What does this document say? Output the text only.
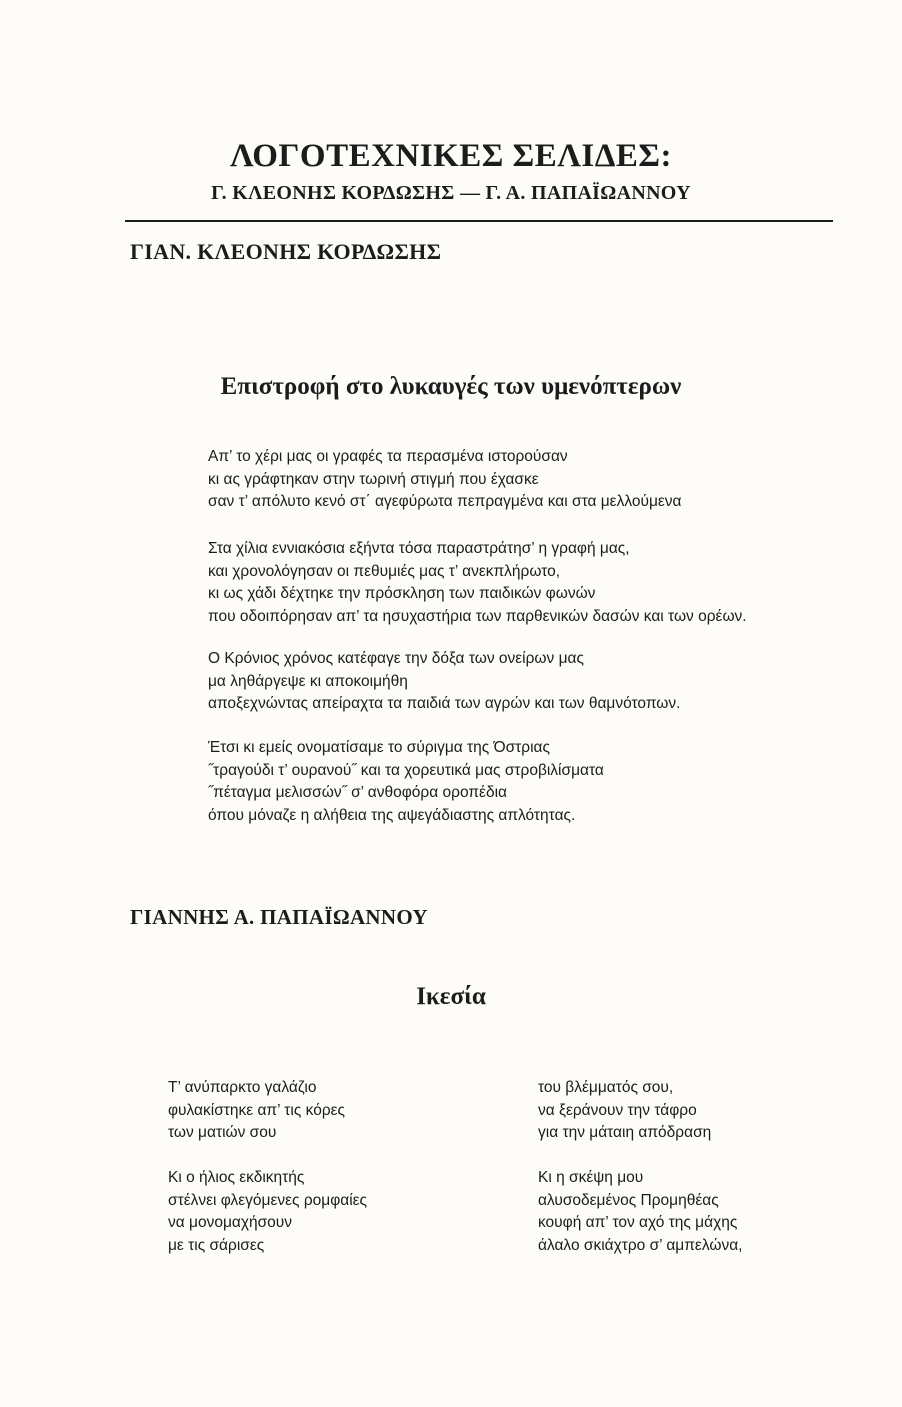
ΛΟΓΟΤΕΧΝΙΚΕΣ ΣΕΛΙΔΕΣ:
Γ. ΚΛΕΟΝΗΣ ΚΟΡΔΩΣΗΣ — Γ. Α. ΠΑΠΑΪΩΑΝΝΟΥ
ΓΙΑΝ. ΚΛΕΟΝΗΣ ΚΟΡΔΩΣΗΣ
Επιστροφή στο λυκαυγές των υμενόπτερων
Απ’ το χέρι μας οι γραφές τα περασμένα ιστορούσαν
κι ας γράφτηκαν στην τωρινή στιγμή που έχασκε
σαν τ’ απόλυτο κενό στ΄ αγεφύρωτα πεπραγμένα και στα μελλούμενα
Στα χίλια εννιακόσια εξήντα τόσα παραστράτησ’ η γραφή μας,
και χρονολόγησαν οι πεθυμιές μας τ’ ανεκπλήρωτο,
κι ως χάδι δέχτηκε την πρόσκληση των παιδικών φωνών
που οδοιπόρησαν απ’ τα ησυχαστήρια των παρθενικών δασών και των ορέων.
Ο Κρόνιος χρόνος κατέφαγε την δόξα των ονείρων μας
μα ληθάργεψε κι αποκοιμήθη
αποξεχνώντας απείραχτα τα παιδιά των αγρών και των θαμνότοπων.
Έτσι κι εμείς ονοματίσαμε το σύριγμα της Όστριας
˝τραγούδι τ’ ουρανού˝ και τα χορευτικά μας στροβιλίσματα
˝πέταγμα μελισσών˝ σ’ ανθοφόρα οροπέδια
όπου μόναζε η αλήθεια της αψεγάδιαστης απλότητας.
ΓΙΑΝΝΗΣ Α. ΠΑΠΑΪΩΑΝΝΟΥ
Ικεσία
Τ’ ανύπαρκτο γαλάζιο
φυλακίστηκε απ’ τις κόρες
των ματιών σου
Κι ο ήλιος εκδικητής
στέλνει φλεγόμενες ρομφαίες
να μονομαχήσουν
με τις σάρισες
του βλέμματός σου,
να ξεράνουν την τάφρο
για την μάταιη απόδραση
Κι η σκέψη μου
αλυσοδεμένος Προμηθέας
κουφή απ’ τον αχό της μάχης
άλαλο σκιάχτρο σ’ αμπελώνα,
